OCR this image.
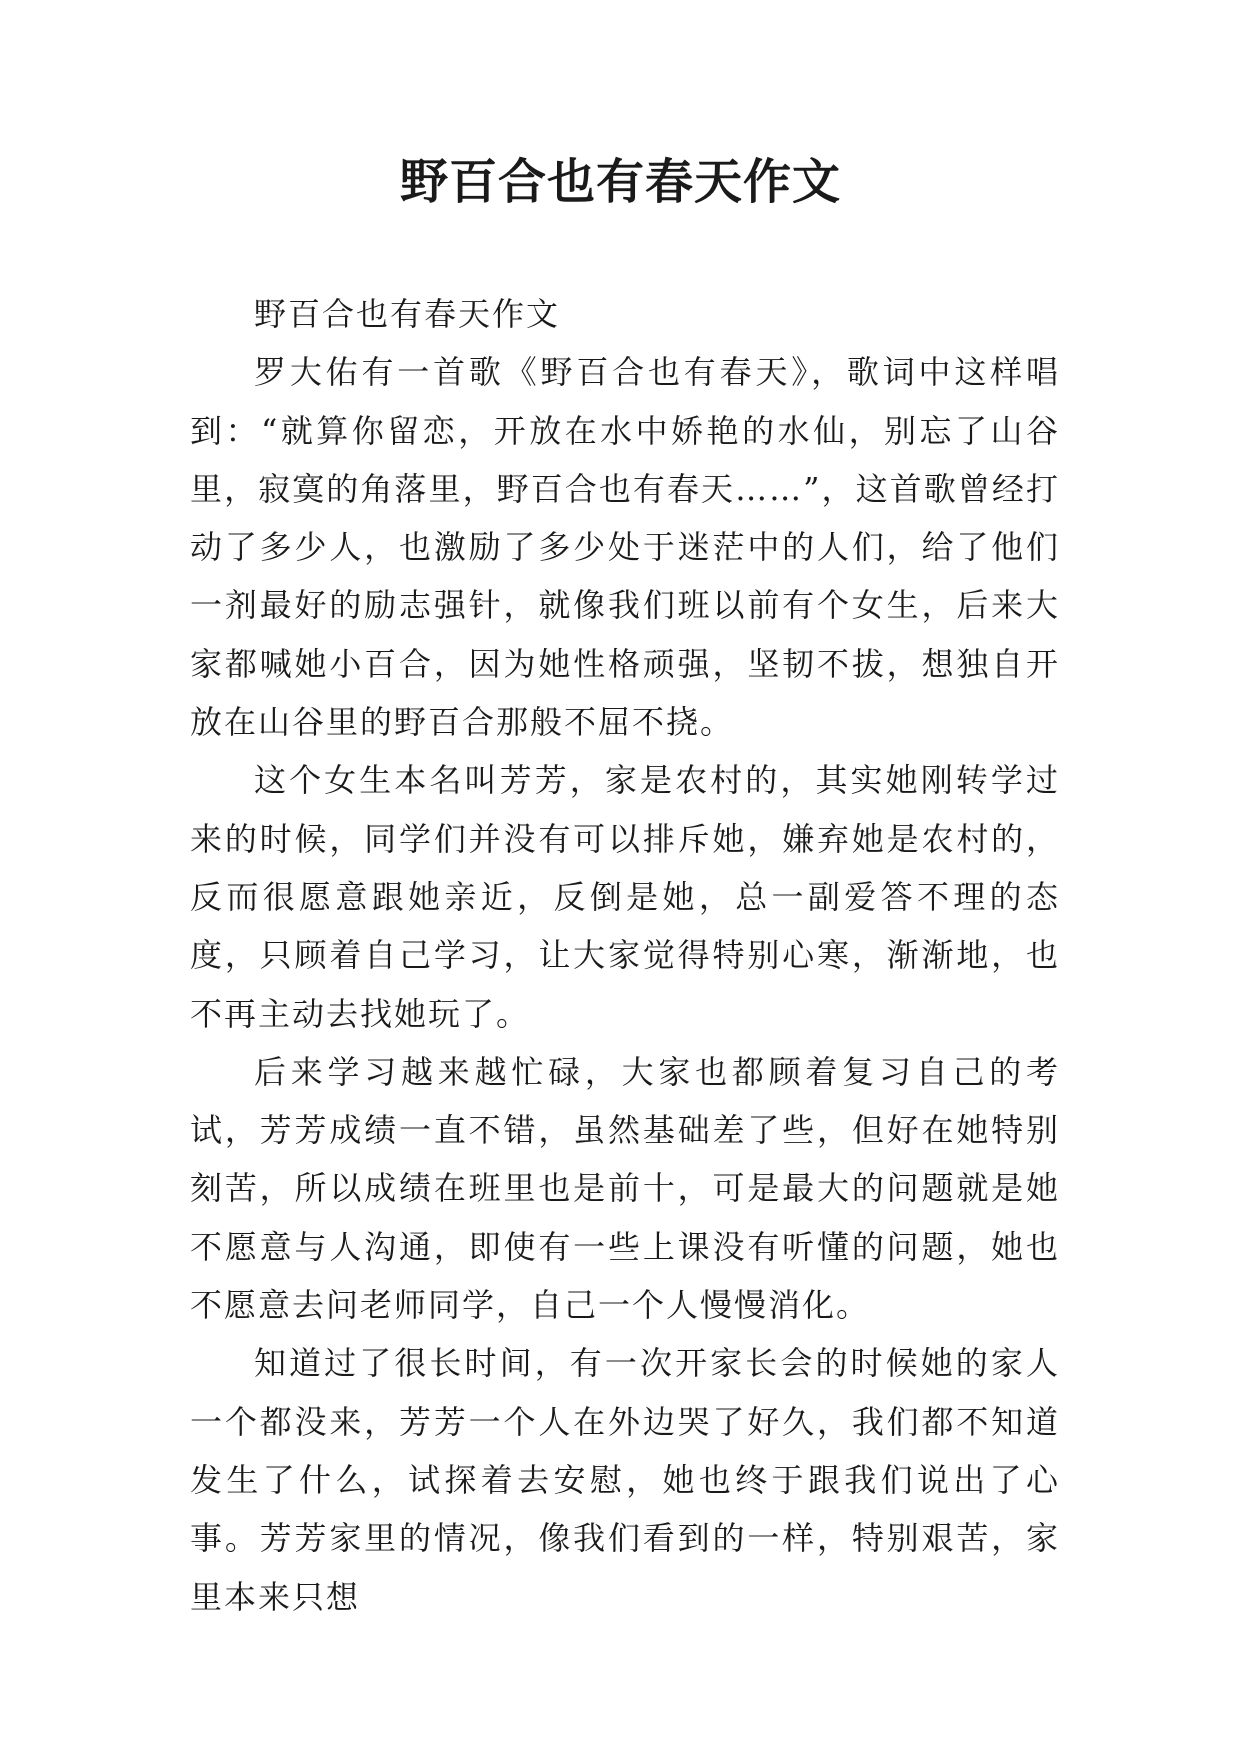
野百合也有春天作文

野百合也有春天作文

罗大佑有一首歌《野百合也有春天》，歌词中这样唱到：“就算你留恋，开放在水中娇艳的水仙，别忘了山谷里，寂寞的角落里，野百合也有春天……”，这首歌曾经打动了多少人，也激励了多少处于迷茫中的人们，给了他们一剂最好的励志强针，就像我们班以前有个女生，后来大家都喊她小百合，因为她性格顽强，坚韧不拔，想独自开放在山谷里的野百合那般不屈不挠。

这个女生本名叫芳芳，家是农村的，其实她刚转学过来的时候，同学们并没有可以排斥她，嫌弃她是农村的，反而很愿意跟她亲近，反倒是她，总一副爱答不理的态度，只顾着自己学习，让大家觉得特别心寒，渐渐地，也不再主动去找她玩了。

后来学习越来越忙碌，大家也都顾着复习自己的考试，芳芳成绩一直不错，虽然基础差了些，但好在她特别刻苦，所以成绩在班里也是前十，可是最大的问题就是她不愿意与人沟通，即使有一些上课没有听懂的问题，她也不愿意去问老师同学，自己一个人慢慢消化。

知道过了很长时间，有一次开家长会的时候她的家人一个都没来，芳芳一个人在外边哭了好久，我们都不知道发生了什么，试探着去安慰，她也终于跟我们说出了心事。芳芳家里的情况，像我们看到的一样，特别艰苦，家里本来只想
